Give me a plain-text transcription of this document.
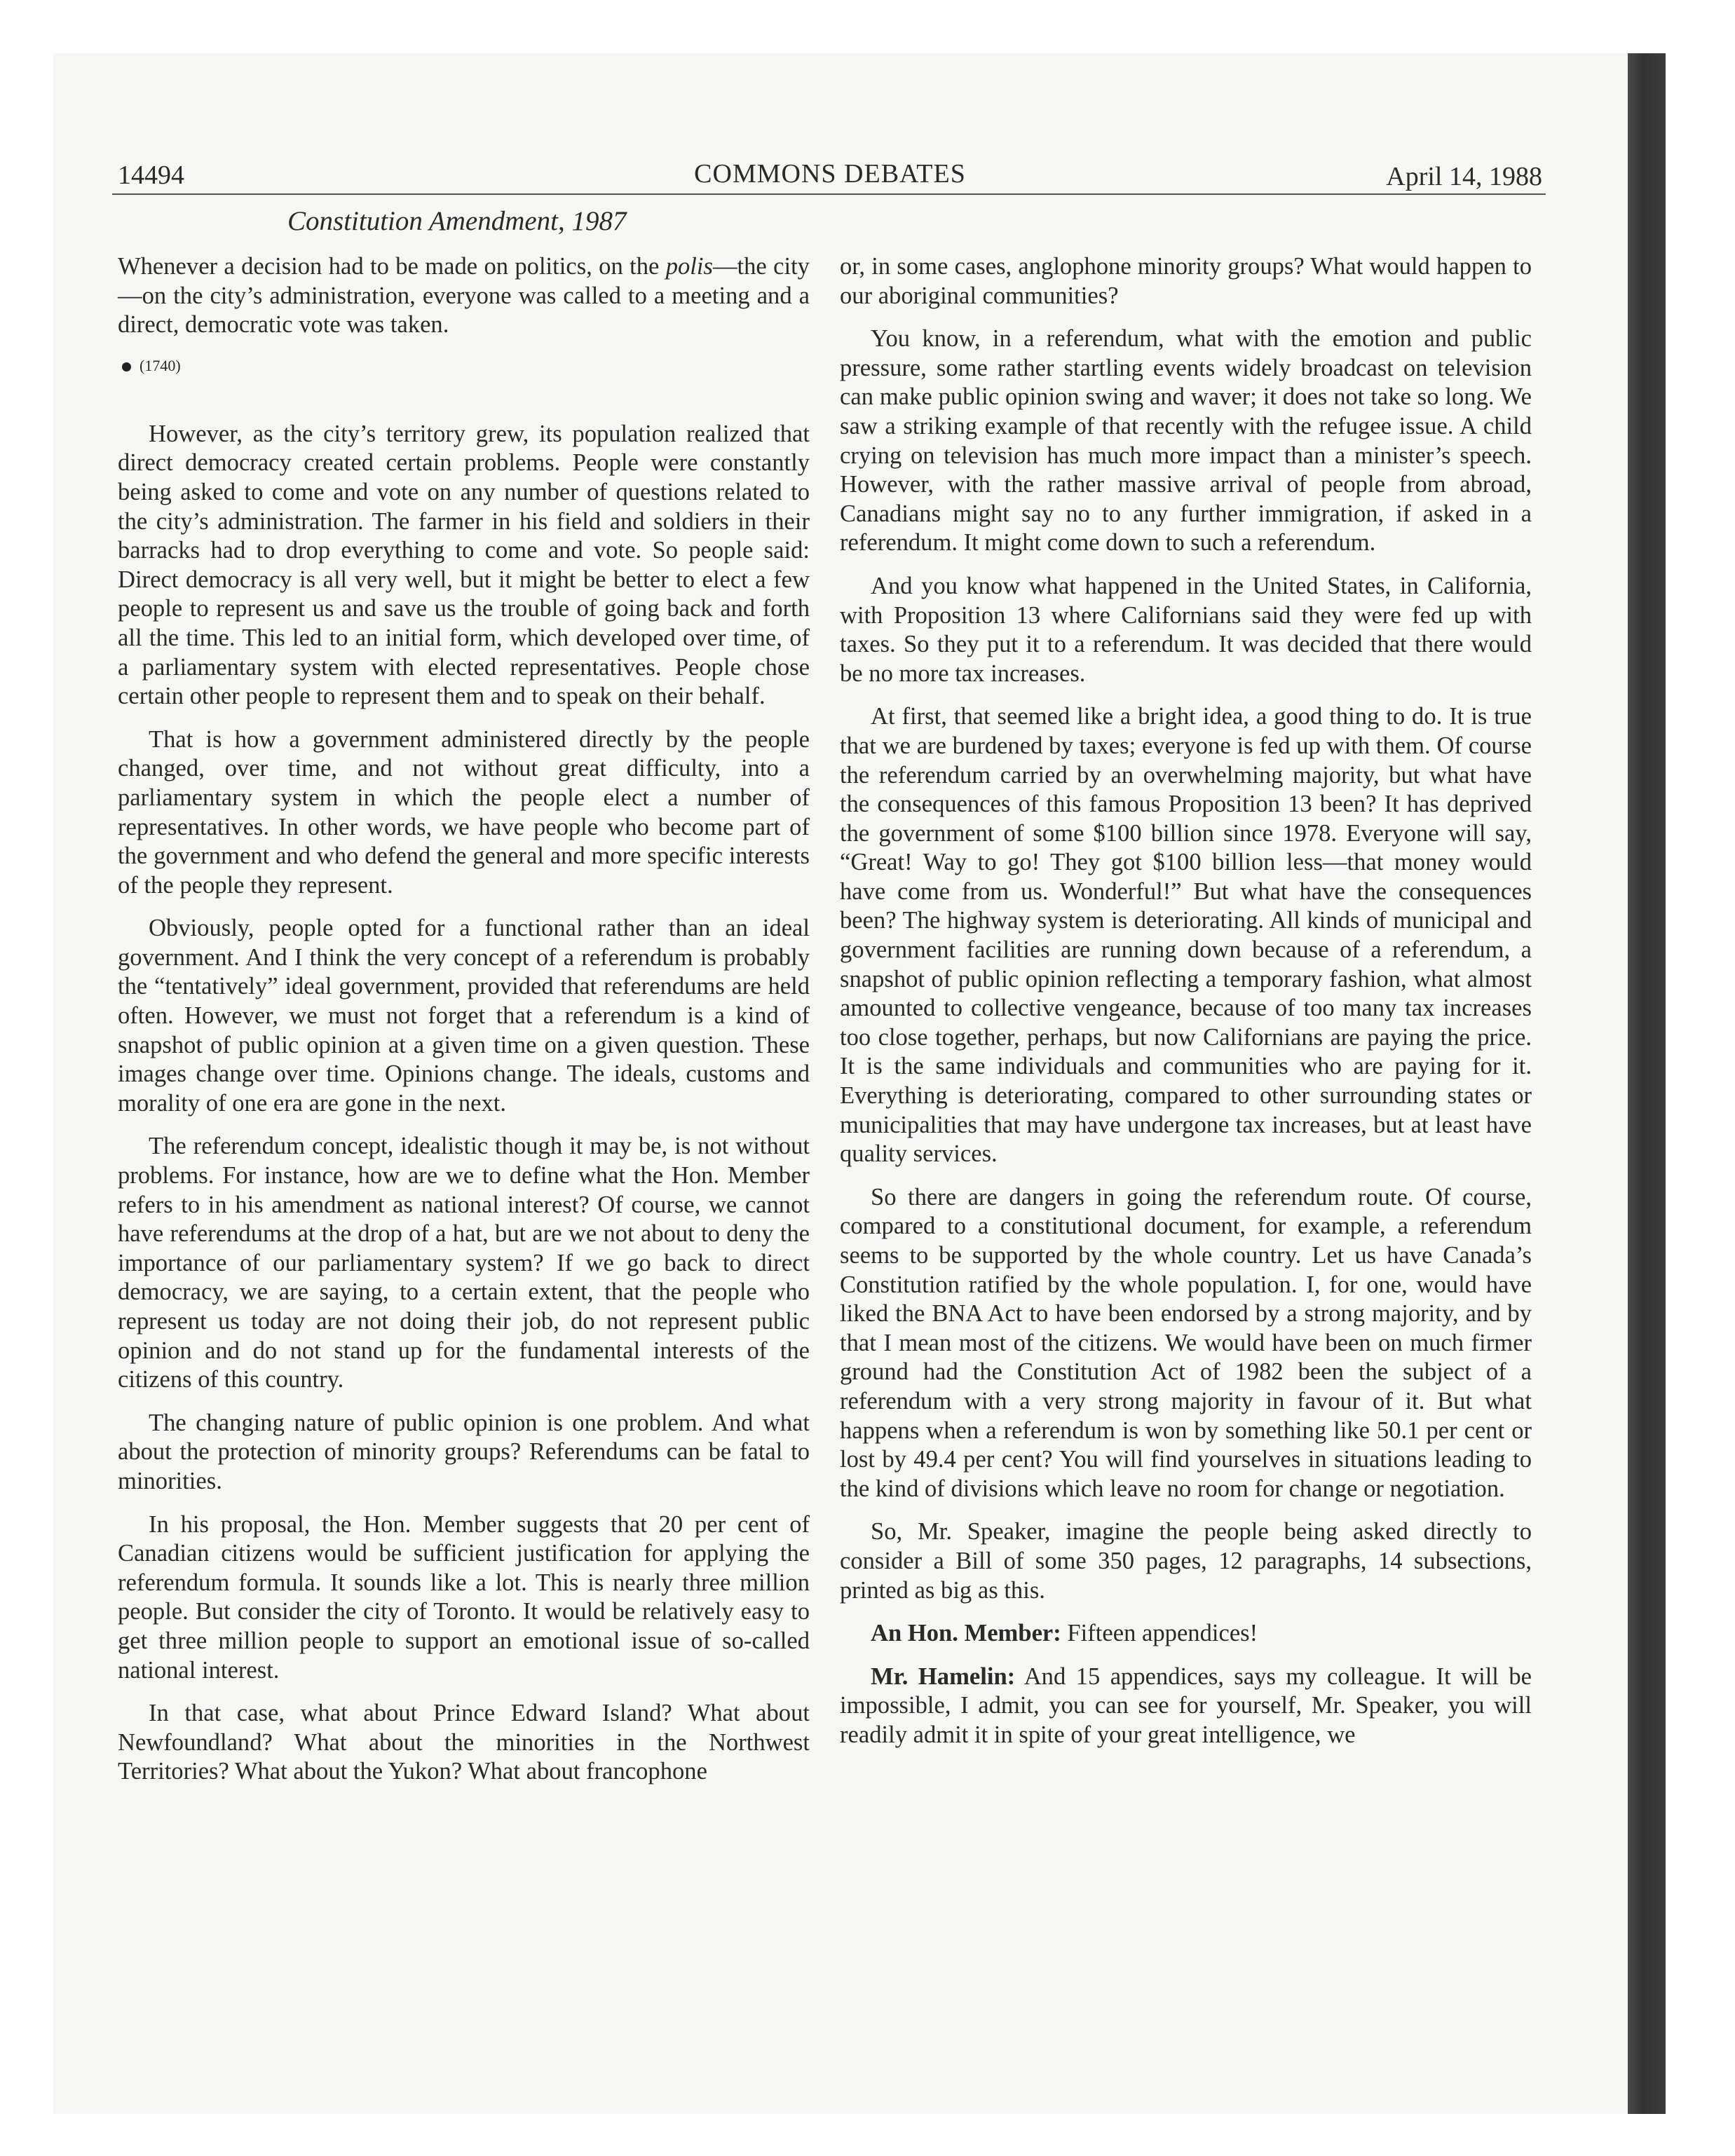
14494	COMMONS DEBATES	April 14, 1988
Constitution Amendment, 1987

Whenever a decision had to be made on politics, on the polis—the city—on the city’s administration, everyone was called to a meeting and a direct, democratic vote was taken.

(1740)

However, as the city’s territory grew, its population realized that direct democracy created certain problems. People were constantly being asked to come and vote on any number of questions related to the city’s administration. The farmer in his field and soldiers in their barracks had to drop everything to come and vote. So people said: Direct democracy is all very well, but it might be better to elect a few people to represent us and save us the trouble of going back and forth all the time. This led to an initial form, which developed over time, of a parliamentary system with elected representatives. People chose certain other people to represent them and to speak on their behalf.

That is how a government administered directly by the people changed, over time, and not without great difficulty, into a parliamentary system in which the people elect a number of representatives. In other words, we have people who become part of the government and who defend the general and more specific interests of the people they represent.

Obviously, people opted for a functional rather than an ideal government. And I think the very concept of a referendum is probably the “tentatively” ideal government, provided that referendums are held often. However, we must not forget that a referendum is a kind of snapshot of public opinion at a given time on a given question. These images change over time. Opinions change. The ideals, customs and morality of one era are gone in the next.

The referendum concept, idealistic though it may be, is not without problems. For instance, how are we to define what the Hon. Member refers to in his amendment as national interest? Of course, we cannot have referendums at the drop of a hat, but are we not about to deny the importance of our parliamentary system? If we go back to direct democracy, we are saying, to a certain extent, that the people who represent us today are not doing their job, do not represent public opinion and do not stand up for the fundamental interests of the citizens of this country.

The changing nature of public opinion is one problem. And what about the protection of minority groups? Referendums can be fatal to minorities.

In his proposal, the Hon. Member suggests that 20 per cent of Canadian citizens would be sufficient justification for applying the referendum formula. It sounds like a lot. This is nearly three million people. But consider the city of Toronto. It would be relatively easy to get three million people to support an emotional issue of so-called national interest.

In that case, what about Prince Edward Island? What about Newfoundland? What about the minorities in the Northwest Territories? What about the Yukon? What about francophone

or, in some cases, anglophone minority groups? What would happen to our aboriginal communities?

You know, in a referendum, what with the emotion and public pressure, some rather startling events widely broadcast on television can make public opinion swing and waver; it does not take so long. We saw a striking example of that recently with the refugee issue. A child crying on television has much more impact than a minister’s speech. However, with the rather massive arrival of people from abroad, Canadians might say no to any further immigration, if asked in a referendum. It might come down to such a referendum.

And you know what happened in the United States, in California, with Proposition 13 where Californians said they were fed up with taxes. So they put it to a referendum. It was decided that there would be no more tax increases.

At first, that seemed like a bright idea, a good thing to do. It is true that we are burdened by taxes; everyone is fed up with them. Of course the referendum carried by an overwhelming majority, but what have the consequences of this famous Proposition 13 been? It has deprived the government of some $100 billion since 1978. Everyone will say, “Great! Way to go! They got $100 billion less—that money would have come from us. Wonderful!” But what have the consequences been? The highway system is deteriorating. All kinds of municipal and government facilities are running down because of a referendum, a snapshot of public opinion reflecting a temporary fashion, what almost amounted to collective vengeance, because of too many tax increases too close together, perhaps, but now Californians are paying the price. It is the same individuals and communities who are paying for it. Everything is deteriorating, compared to other surrounding states or municipalities that may have undergone tax increases, but at least have quality services.

So there are dangers in going the referendum route. Of course, compared to a constitutional document, for example, a referendum seems to be supported by the whole country. Let us have Canada’s Constitution ratified by the whole population. I, for one, would have liked the BNA Act to have been endorsed by a strong majority, and by that I mean most of the citizens. We would have been on much firmer ground had the Constitution Act of 1982 been the subject of a referendum with a very strong majority in favour of it. But what happens when a referendum is won by something like 50.1 per cent or lost by 49.4 per cent? You will find yourselves in situations leading to the kind of divisions which leave no room for change or negotiation.

So, Mr. Speaker, imagine the people being asked directly to consider a Bill of some 350 pages, 12 paragraphs, 14 subsections, printed as big as this.

An Hon. Member: Fifteen appendices!

Mr. Hamelin: And 15 appendices, says my colleague. It will be impossible, I admit, you can see for yourself, Mr. Speaker, you will readily admit it in spite of your great intelligence, we
